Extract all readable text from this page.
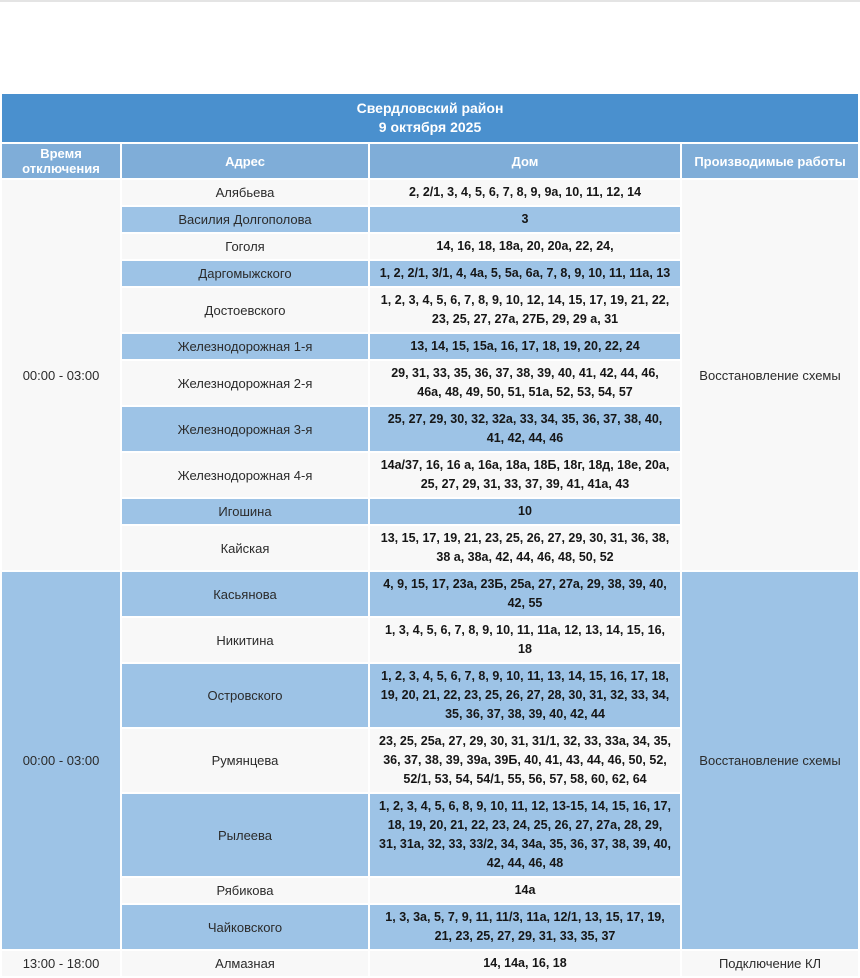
Свердловский район
9 октября 2025			

Время отключения	Адрес	Дом	Производимые работы
00:00 - 03:00	Алябьева	2, 2/1, 3, 4, 5, 6, 7, 8, 9, 9а, 10, 11, 12, 14	Восстановление схемы
	Василия Долгополова	3	
	Гоголя	14, 16, 18, 18а, 20, 20а, 22, 24,	
	Даргомыжского	1, 2, 2/1, 3/1, 4, 4а, 5, 5а, 6а, 7, 8, 9, 10, 11, 11а, 13	
	Достоевского	1, 2, 3, 4, 5, 6, 7, 8, 9, 10, 12, 14, 15, 17, 19, 21, 22, 23, 25, 27, 27а, 27Б, 29, 29 а, 31	
	Железнодорожная 1-я	13, 14, 15, 15а, 16, 17, 18, 19, 20, 22, 24	
	Железнодорожная 2-я	29, 31, 33, 35, 36, 37, 38, 39, 40, 41, 42, 44, 46, 46а, 48, 49, 50, 51, 51а, 52, 53, 54, 57	
	Железнодорожная 3-я	25, 27, 29, 30, 32, 32а, 33, 34, 35, 36, 37, 38, 40, 41, 42, 44, 46	
	Железнодорожная 4-я	14а/37, 16, 16 а, 16а, 18а, 18Б, 18г, 18д, 18е, 20а, 25, 27, 29, 31, 33, 37, 39, 41, 41а, 43	
	Игошина	10	
	Кайская	13, 15, 17, 19, 21, 23, 25, 26, 27, 29, 30, 31, 36, 38, 38 а, 38а, 42, 44, 46, 48, 50, 52	
00:00 - 03:00	Касьянова	4, 9, 15, 17, 23а, 23Б, 25а, 27, 27а, 29, 38, 39, 40, 42, 55	Восстановление схемы
	Никитина	1, 3, 4, 5, 6, 7, 8, 9, 10, 11, 11а, 12, 13, 14, 15, 16, 18	
	Островского	1, 2, 3, 4, 5, 6, 7, 8, 9, 10, 11, 13, 14, 15, 16, 17, 18, 19, 20, 21, 22, 23, 25, 26, 27, 28, 30, 31, 32, 33, 34, 35, 36, 37, 38, 39, 40, 42, 44	
	Румянцева	23, 25, 25а, 27, 29, 30, 31, 31/1, 32, 33, 33а, 34, 35, 36, 37, 38, 39, 39а, 39Б, 40, 41, 43, 44, 46, 50, 52, 52/1, 53, 54, 54/1, 55, 56, 57, 58, 60, 62, 64	
	Рылеева	1, 2, 3, 4, 5, 6, 8, 9, 10, 11, 12, 13-15, 14, 15, 16, 17, 18, 19, 20, 21, 22, 23, 24, 25, 26, 27, 27а, 28, 29, 31, 31а, 32, 33, 33/2, 34, 34а, 35, 36, 37, 38, 39, 40, 42, 44, 46, 48	
	Рябикова	14а	
	Чайковского	1, 3, 3а, 5, 7, 9, 11, 11/3, 11а, 12/1, 13, 15, 17, 19, 21, 23, 25, 27, 29, 31, 33, 35, 37	
13:00 - 18:00	Алмазная	14, 14а, 16, 18	Подключение КЛ
